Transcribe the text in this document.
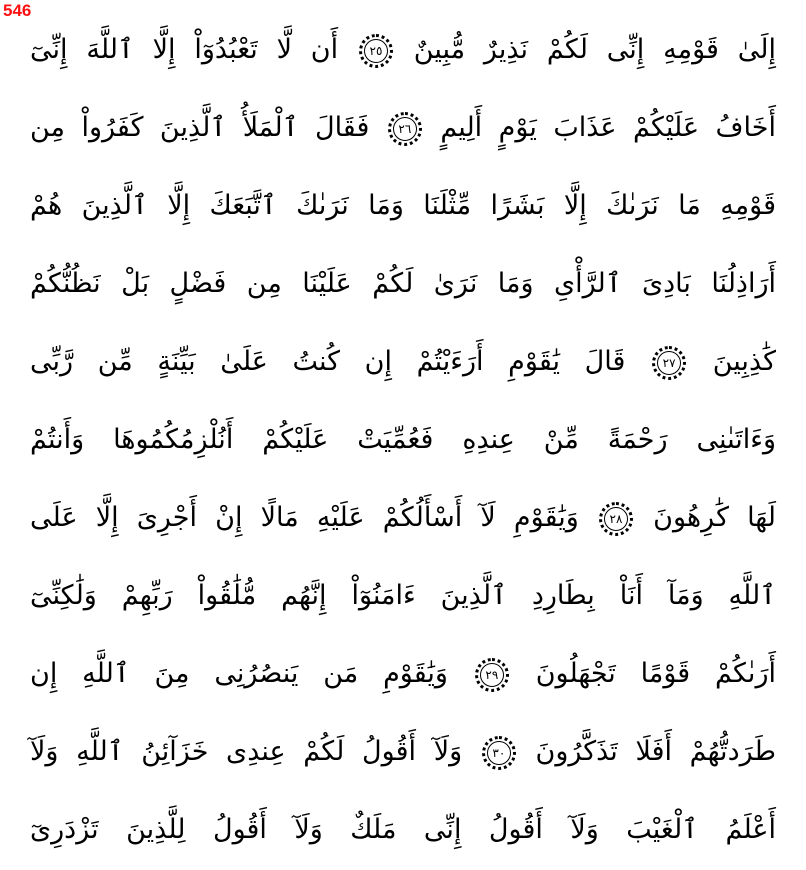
546
إِلَىٰ قَوْمِهِ إِنِّى لَكُمْ نَذِيرٌ مُّبِينٌ
٢٥
أَن لَّا تَعْبُدُوٓاْ إِلَّا ٱللَّهَ إِنِّىٓ
أَخَافُ عَلَيْكُمْ عَذَابَ يَوْمٍ أَلِيمٍ
٢٦
فَقَالَ ٱلْمَلَأُ ٱلَّذِينَ كَفَرُواْ مِن
قَوْمِهِ مَا نَرَىٰكَ إِلَّا بَشَرًا مِّثْلَنَا وَمَا نَرَىٰكَ ٱتَّبَعَكَ إِلَّا ٱلَّذِينَ هُمْ
أَرَاذِلُنَا بَادِىَ ٱلرَّأْىِ وَمَا نَرَىٰ لَكُمْ عَلَيْنَا مِن فَضْلٍ بَلْ نَظُنُّكُمْ
كَٰذِبِينَ
٢٧
قَالَ يَٰقَوْمِ أَرَءَيْتُمْ إِن كُنتُ عَلَىٰ بَيِّنَةٍ مِّن رَّبِّى
وَءَاتَىٰنِى رَحْمَةً مِّنْ عِندِهِ فَعُمِّيَتْ عَلَيْكُمْ أَنُلْزِمُكُمُوهَا وَأَنتُمْ
لَهَا كَٰرِهُونَ
٢٨
وَيَٰقَوْمِ لَآ أَسْأَلُكُمْ عَلَيْهِ مَالًا إِنْ أَجْرِىَ إِلَّا عَلَى
ٱللَّهِ وَمَآ أَنَاْ بِطَارِدِ ٱلَّذِينَ ءَامَنُوٓاْ إِنَّهُم مُّلَٰقُواْ رَبِّهِمْ وَلَٰكِنِّىٓ
أَرَىٰكُمْ قَوْمًا تَجْهَلُونَ
٢٩
وَيَٰقَوْمِ مَن يَنصُرُنِى مِنَ ٱللَّهِ إِن
طَرَدتُّهُمْ أَفَلَا تَذَكَّرُونَ
٣٠
وَلَآ أَقُولُ لَكُمْ عِندِى خَزَآئِنُ ٱللَّهِ وَلَآ
أَعْلَمُ ٱلْغَيْبَ وَلَآ أَقُولُ إِنِّى مَلَكٌ وَلَآ أَقُولُ لِلَّذِينَ تَزْدَرِىٓ
